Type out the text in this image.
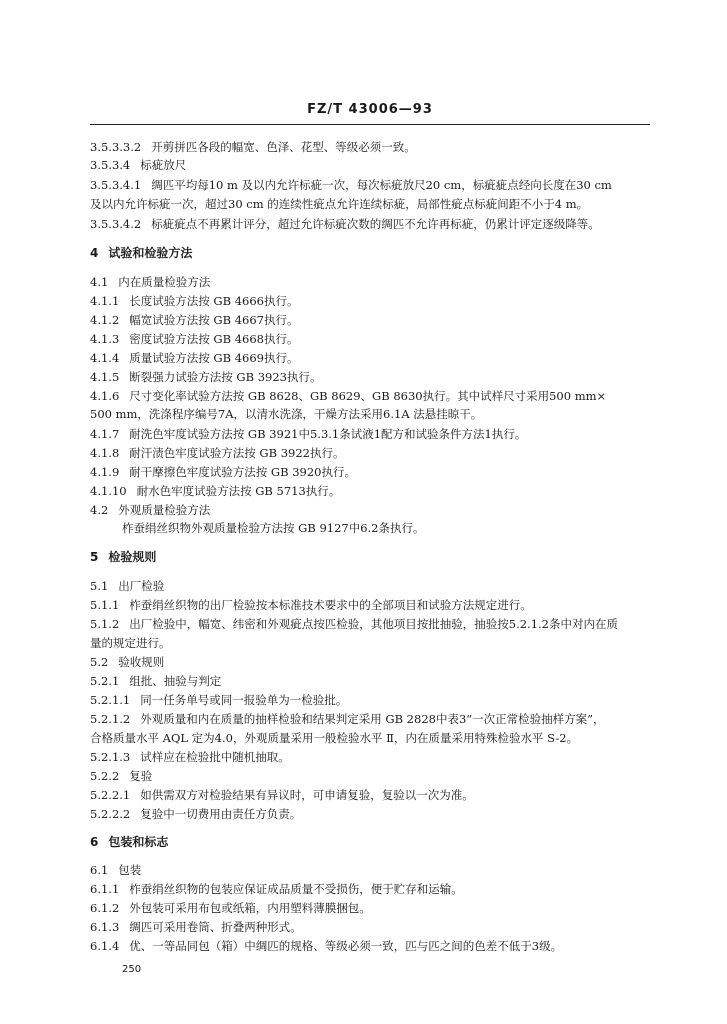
FZ/T 43006—93
3.5.3.3.2 开剪拼匹各段的幅宽、色泽、花型、等级必须一致。
3.5.3.4 标疵放尺
3.5.3.4.1 绸匹平均每10 m 及以内允许标疵一次，每次标疵放尺20 cm，标疵疵点经向长度在30 cm
及以内允许标疵一次，超过30 cm 的连续性疵点允许连续标疵，局部性疵点标疵间距不小于4 m。
3.5.3.4.2 标疵疵点不再累计评分，超过允许标疵次数的绸匹不允许再标疵，仍累计评定逐级降等。
4 试验和检验方法
4.1 内在质量检验方法
4.1.1 长度试验方法按 GB 4666执行。
4.1.2 幅宽试验方法按 GB 4667执行。
4.1.3 密度试验方法按 GB 4668执行。
4.1.4 质量试验方法按 GB 4669执行。
4.1.5 断裂强力试验方法按 GB 3923执行。
4.1.6 尺寸变化率试验方法按 GB 8628、GB 8629、GB 8630执行。其中试样尺寸采用500 mm×
500 mm，洗涤程序编号7A，以清水洗涤，干燥方法采用6.1A 法悬挂晾干。
4.1.7 耐洗色牢度试验方法按 GB 3921中5.3.1条试液1配方和试验条件方法1执行。
4.1.8 耐汗渍色牢度试验方法按 GB 3922执行。
4.1.9 耐干摩擦色牢度试验方法按 GB 3920执行。
4.1.10 耐水色牢度试验方法按 GB 5713执行。
4.2 外观质量检验方法
柞蚕绢丝织物外观质量检验方法按 GB 9127中6.2条执行。
5 检验规则
5.1 出厂检验
5.1.1 柞蚕绢丝织物的出厂检验按本标准技术要求中的全部项目和试验方法规定进行。
5.1.2 出厂检验中，幅宽、纬密和外观疵点按匹检验，其他项目按批抽验，抽验按5.2.1.2条中对内在质
量的规定进行。
5.2 验收规则
5.2.1 组批、抽验与判定
5.2.1.1 同一任务单号或同一报验单为一检验批。
5.2.1.2 外观质量和内在质量的抽样检验和结果判定采用 GB 2828中表3“一次正常检验抽样方案”，
合格质量水平 AQL 定为4.0，外观质量采用一般检验水平 Ⅱ，内在质量采用特殊检验水平 S-2。
5.2.1.3 试样应在检验批中随机抽取。
5.2.2 复验
5.2.2.1 如供需双方对检验结果有异议时，可申请复验，复验以一次为准。
5.2.2.2 复验中一切费用由责任方负责。
6 包装和标志
6.1 包装
6.1.1 柞蚕绢丝织物的包装应保证成品质量不受损伤，便于贮存和运输。
6.1.2 外包装可采用布包或纸箱，内用塑料薄膜捆包。
6.1.3 绸匹可采用卷筒、折叠两种形式。
6.1.4 优、一等品同包（箱）中绸匹的规格、等级必须一致，匹与匹之间的色差不低于3级。
250
